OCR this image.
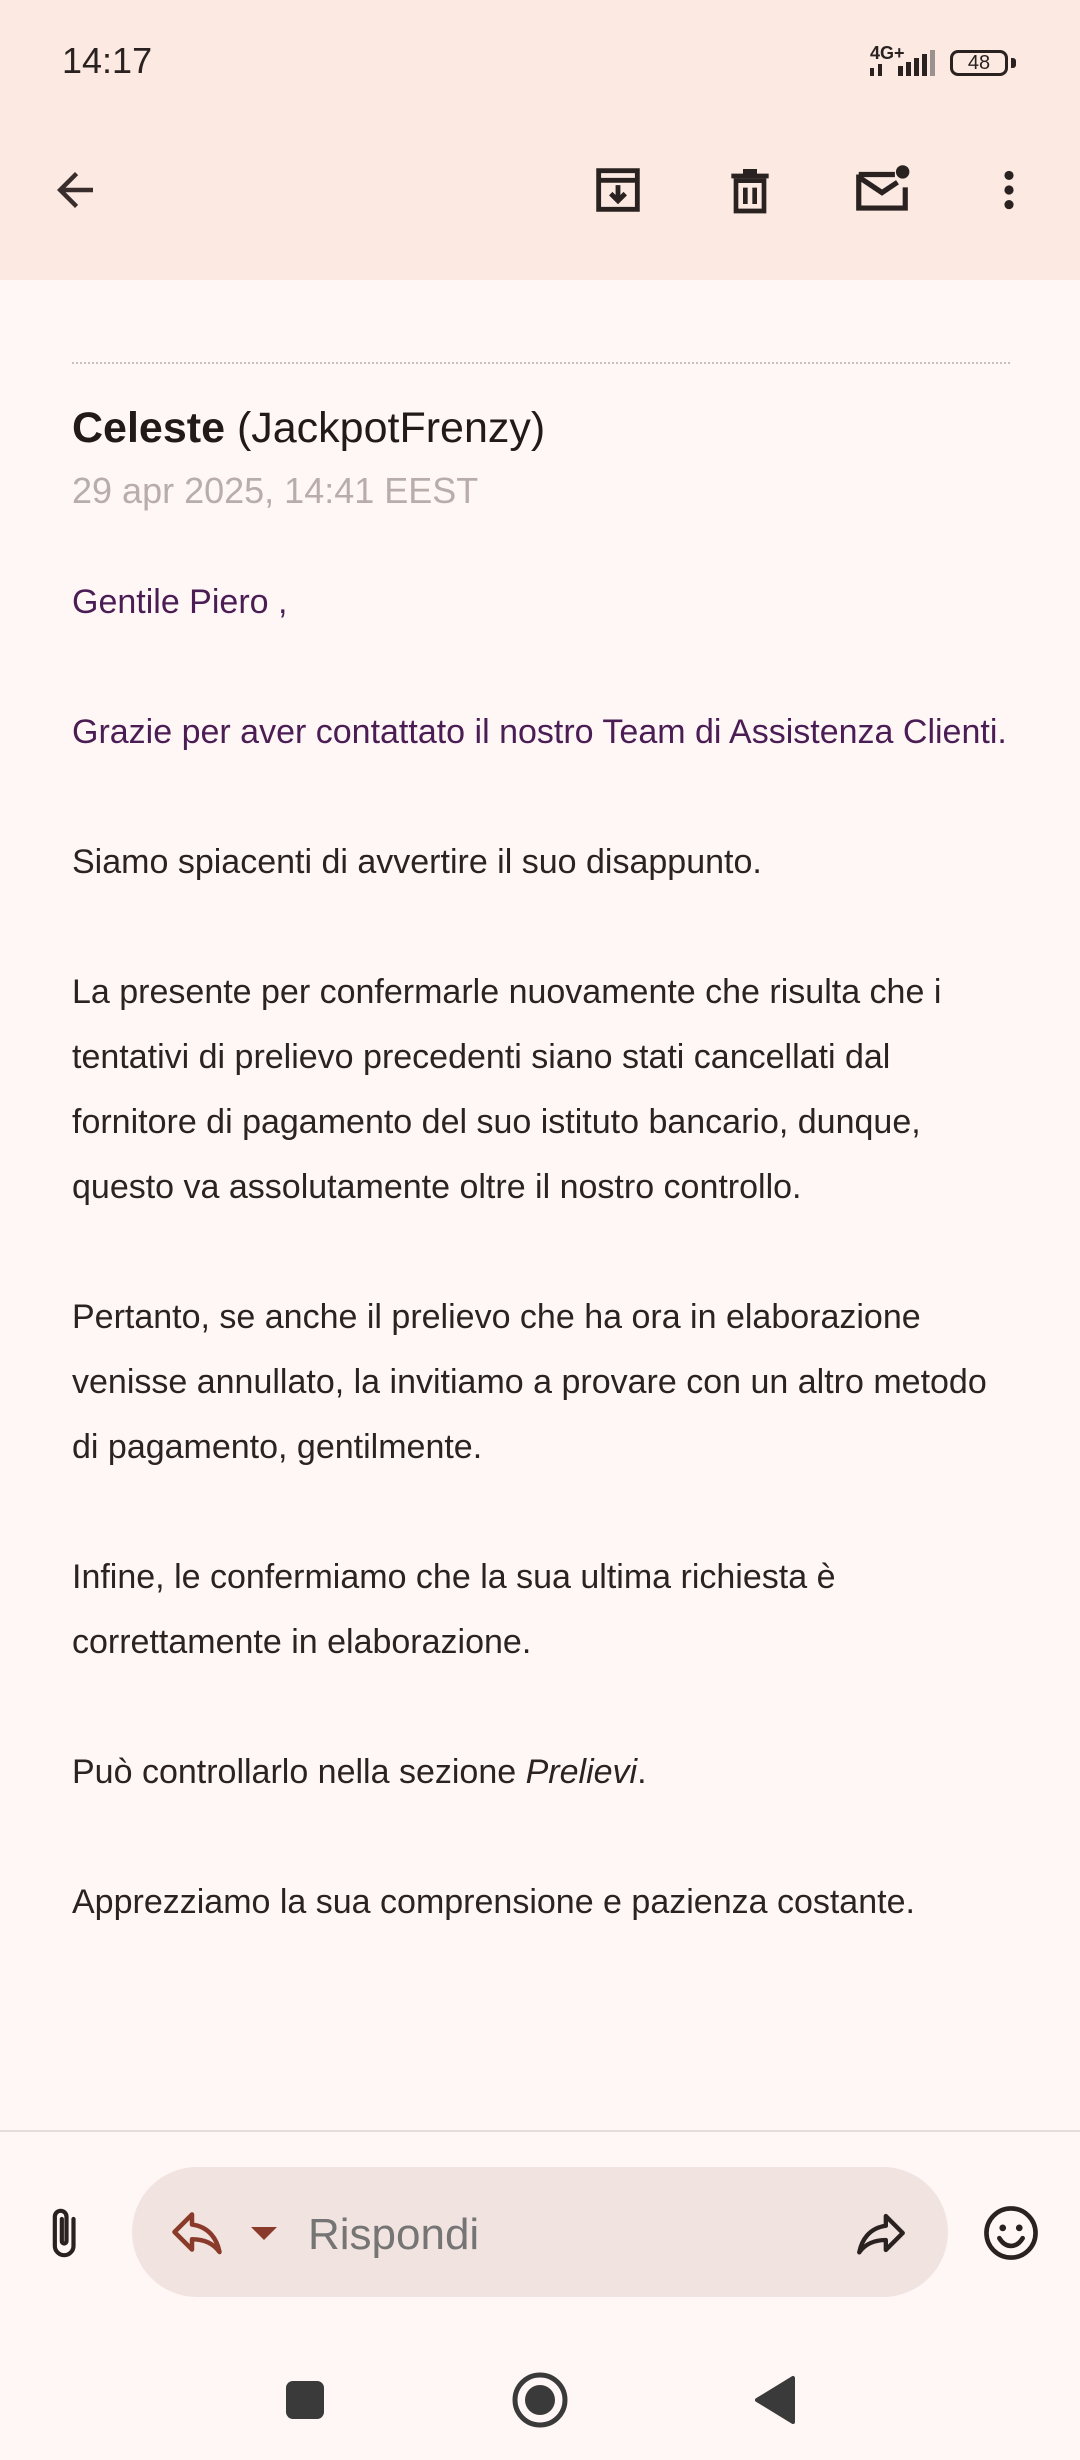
14:17	4G+	48
Celeste (JackpotFrenzy)
29 apr 2025, 14:41 EEST

Gentile Piero ,

Grazie per aver contattato il nostro Team di Assistenza Clienti.

Siamo spiacenti di avvertire il suo disappunto.

La presente per confermarle nuovamente che risulta che i tentativi di prelievo precedenti siano stati cancellati dal fornitore di pagamento del suo istituto bancario, dunque, questo va assolutamente oltre il nostro controllo.

Pertanto, se anche il prelievo che ha ora in elaborazione venisse annullato, la invitiamo a provare con un altro metodo di pagamento, gentilmente.

Infine, le confermiamo che la sua ultima richiesta è correttamente in elaborazione.

Può controllarlo nella sezione Prelievi.

Apprezziamo la sua comprensione e pazienza costante.

Rispondi
